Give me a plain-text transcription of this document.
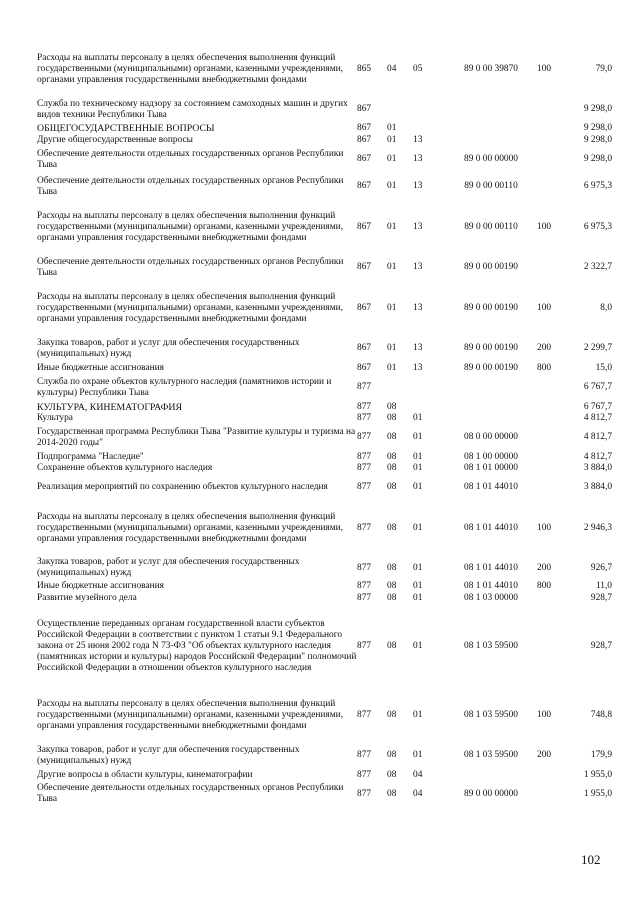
Расходы на выплаты персоналу в целях обеспечения выполнения функций государственными (муниципальными) органами, казенными учреждениями, органами управления государственными внебюджетными фондами	865	04	05	89 0 00 39870	100	79,0
Служба по техническому надзору за состоянием самоходных машин и других видов техники Республики Тыва	867					9 298,0
ОБЩЕГОСУДАРСТВЕННЫЕ ВОПРОСЫ	867	01				9 298,0
Другие общегосударственные вопросы	867	01	13			9 298,0
Обеспечение деятельности отдельных государственных органов Республики Тыва	867	01	13	89 0 00 00000		9 298,0
Обеспечение деятельности отдельных государственных органов Республики Тыва	867	01	13	89 0 00 00110		6 975,3
Расходы на выплаты персоналу в целях обеспечения выполнения функций государственными (муниципальными) органами, казенными учреждениями, органами управления государственными внебюджетными фондами	867	01	13	89 0 00 00110	100	6 975,3
Обеспечение деятельности отдельных государственных органов Республики Тыва	867	01	13	89 0 00 00190		2 322,7
Расходы на выплаты персоналу в целях обеспечения выполнения функций государственными (муниципальными) органами, казенными учреждениями, органами управления государственными внебюджетными фондами	867	01	13	89 0 00 00190	100	8,0
Закупка товаров, работ и услуг для обеспечения государственных (муниципальных) нужд	867	01	13	89 0 00 00190	200	2 299,7
Иные бюджетные ассигнования	867	01	13	89 0 00 00190	800	15,0
Служба по охране объектов культурного наследия (памятников истории и культуры) Республики Тыва	877					6 767,7
КУЛЬТУРА, КИНЕМАТОГРАФИЯ	877	08				6 767,7
Культура	877	08	01			4 812,7
Государственная программа Республики Тыва "Развитие культуры и туризма на 2014-2020 годы"	877	08	01	08 0 00 00000		4 812,7
Подпрограмма "Наследие"	877	08	01	08 1 00 00000		4 812,7
Сохранение объектов культурного наследия	877	08	01	08 1 01 00000		3 884,0
Реализация мероприятий по сохранению объектов культурного наследия	877	08	01	08 1 01 44010		3 884,0
Расходы на выплаты персоналу в целях обеспечения выполнения функций государственными (муниципальными) органами, казенными учреждениями, органами управления государственными внебюджетными фондами	877	08	01	08 1 01 44010	100	2 946,3
Закупка товаров, работ и услуг для обеспечения государственных (муниципальных) нужд	877	08	01	08 1 01 44010	200	926,7
Иные бюджетные ассигнования	877	08	01	08 1 01 44010	800	11,0
Развитие музейного дела	877	08	01	08 1 03 00000		928,7
Осуществление переданных органам государственной власти субъектов Российской Федерации в соответствии с пунктом 1 статьи 9.1 Федерального закона от 25 июня 2002 года N 73-ФЗ "Об объектах культурного наследия (памятниках истории и культуры) народов Российской Федерации" полномочий Российской Федерации в отношении объектов культурного наследия	877	08	01	08 1 03 59500		928,7
Расходы на выплаты персоналу в целях обеспечения выполнения функций государственными (муниципальными) органами, казенными учреждениями, органами управления государственными внебюджетными фондами	877	08	01	08 1 03 59500	100	748,8
Закупка товаров, работ и услуг для обеспечения государственных (муниципальных) нужд	877	08	01	08 1 03 59500	200	179,9
Другие вопросы в области культуры, кинематографии	877	08	04			1 955,0
Обеспечение деятельности отдельных государственных органов Республики Тыва	877	08	04	89 0 00 00000		1 955,0
102
